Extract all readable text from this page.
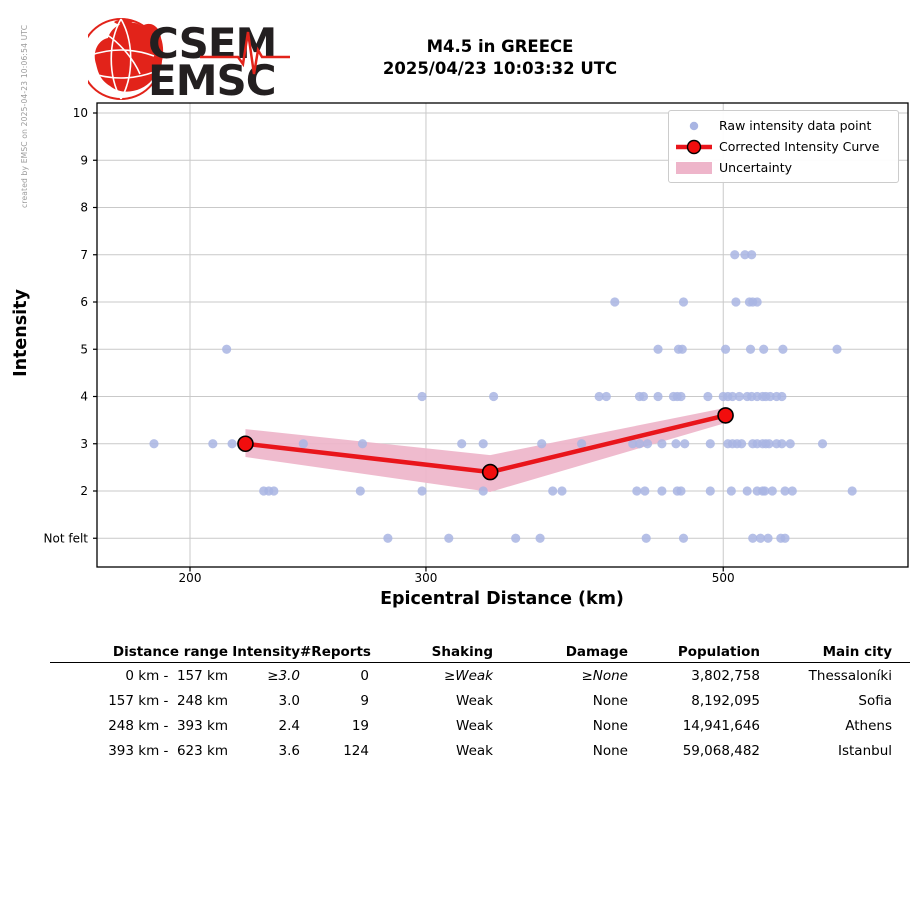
created by EMSC on 2025-04-23 10:06:54 UTC	CSEM
EMSC
M4.5 in GREECE
2025/04/23 10:03:32 UTC
10
9
8
7
6
5
4
3
2
Not felt
200	300	500
Intensity
Epicentral Distance (km)
Raw intensity data point
Corrected Intensity Curve
Uncertainty
Distance range	Intensity	#Reports	Shaking	Damage	Population	Main city
0 km -  157 km	≥3.0	0	≥Weak	≥None	3,802,758	Thessaloníki
157 km -  248 km	3.0	9	Weak	None	8,192,095	Sofia
248 km -  393 km	2.4	19	Weak	None	14,941,646	Athens
393 km -  623 km	3.6	124	Weak	None	59,068,482	Istanbul
